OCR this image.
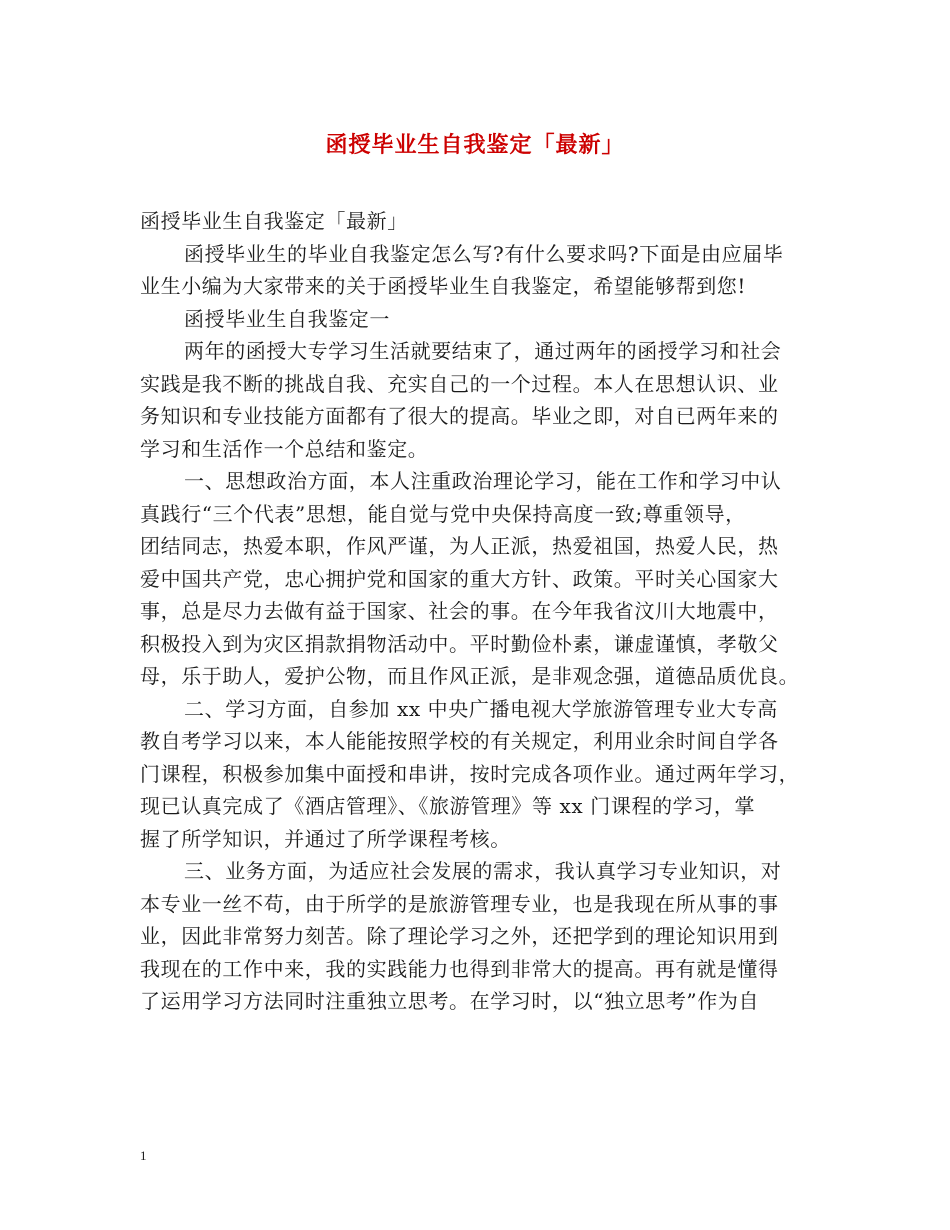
函授毕业生自我鉴定「最新」
函授毕业生自我鉴定「最新」
函授毕业生的毕业自我鉴定怎么写?有什么要求吗?下面是由应届毕
业生小编为大家带来的关于函授毕业生自我鉴定，希望能够帮到您!
函授毕业生自我鉴定一
两年的函授大专学习生活就要结束了，通过两年的函授学习和社会
实践是我不断的挑战自我、充实自己的一个过程。本人在思想认识、业
务知识和专业技能方面都有了很大的提高。毕业之即，对自已两年来的
学习和生活作一个总结和鉴定。
一、思想政治方面，本人注重政治理论学习，能在工作和学习中认
真践行“三个代表”思想，能自觉与党中央保持高度一致;尊重领导，
团结同志，热爱本职，作风严谨，为人正派，热爱祖国，热爱人民，热
爱中国共产党，忠心拥护党和国家的重大方针、政策。平时关心国家大
事，总是尽力去做有益于国家、社会的事。在今年我省汶川大地震中，
积极投入到为灾区捐款捐物活动中。平时勤俭朴素，谦虚谨慎，孝敬父
母，乐于助人，爱护公物，而且作风正派，是非观念强，道德品质优良。
二、学习方面，自参加 xx 中央广播电视大学旅游管理专业大专高
教自考学习以来，本人能能按照学校的有关规定，利用业余时间自学各
门课程，积极参加集中面授和串讲，按时完成各项作业。通过两年学习，
现已认真完成了《酒店管理》、《旅游管理》等 xx 门课程的学习，掌
握了所学知识，并通过了所学课程考核。
三、业务方面，为适应社会发展的需求，我认真学习专业知识，对
本专业一丝不苟，由于所学的是旅游管理专业，也是我现在所从事的事
业，因此非常努力刻苦。除了理论学习之外，还把学到的理论知识用到
我现在的工作中来，我的实践能力也得到非常大的提高。再有就是懂得
了运用学习方法同时注重独立思考。在学习时，以“独立思考”作为自
1
